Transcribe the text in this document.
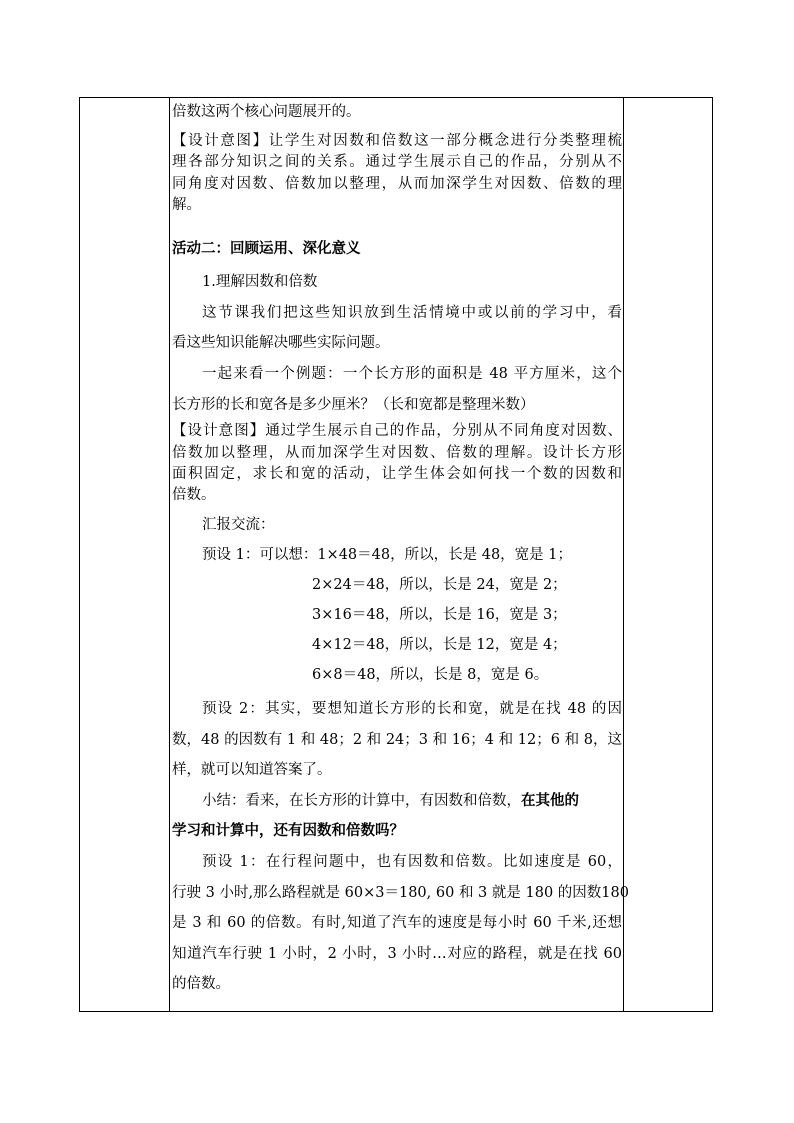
倍数这两个核心问题展开的。
【设计意图】让学生对因数和倍数这一部分概念进行分类整理梳
理各部分知识之间的关系。通过学生展示自己的作品，分别从不
同角度对因数、倍数加以整理，从而加深学生对因数、倍数的理
解。
活动二：回顾运用、深化意义
1.理解因数和倍数
这节课我们把这些知识放到生活情境中或以前的学习中，看
看这些知识能解决哪些实际问题。
一起来看一个例题：一个长方形的面积是 48 平方厘米，这个
长方形的长和宽各是多少厘米？（长和宽都是整理米数）
【设计意图】通过学生展示自己的作品，分别从不同角度对因数、
倍数加以整理，从而加深学生对因数、倍数的理解。设计长方形
面积固定，求长和宽的活动，让学生体会如何找一个数的因数和
倍数。
汇报交流：
预设 1：可以想：1×48＝48，所以，长是 48，宽是 1；
2×24＝48，所以，长是 24，宽是 2；
3×16＝48，所以，长是 16，宽是 3；
4×12＝48，所以，长是 12，宽是 4；
6×8＝48，所以，长是 8，宽是 6。
预设 2：其实，要想知道长方形的长和宽，就是在找 48 的因
数，48 的因数有 1 和 48；2 和 24；3 和 16；4 和 12；6 和 8，这
样，就可以知道答案了。
小结：看来，在长方形的计算中，有因数和倍数，在其他的
学习和计算中，还有因数和倍数吗？
预设 1：在行程问题中，也有因数和倍数。比如速度是 60，
行驶 3 小时,那么路程就是 60×3＝180, 60 和 3 就是 180 的因数180
是 3 和 60 的倍数。有时,知道了汽车的速度是每小时 60 千米,还想
知道汽车行驶 1 小时，2 小时，3 小时…对应的路程，就是在找 60
的倍数。
